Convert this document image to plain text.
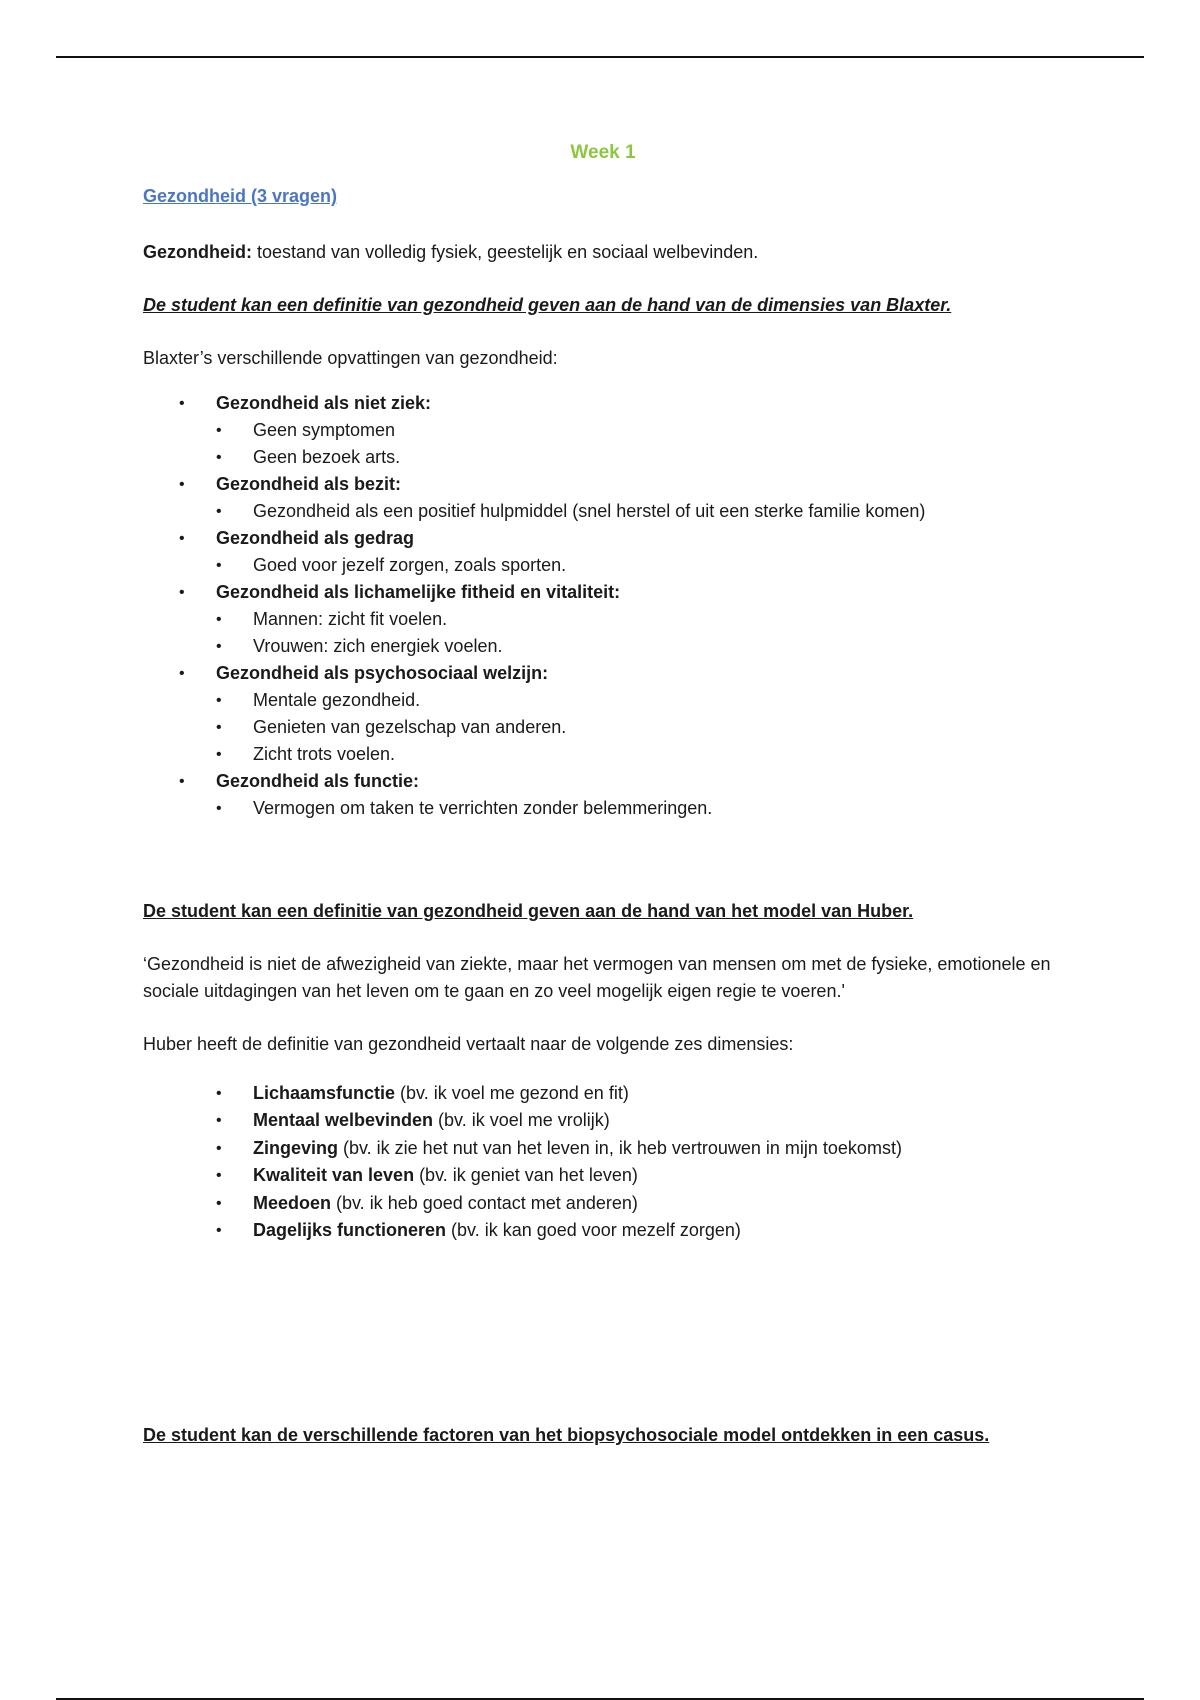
Week 1
Gezondheid (3 vragen)

Gezondheid: toestand van volledig fysiek, geestelijk en sociaal welbevinden.

De student kan een definitie van gezondheid geven aan de hand van de dimensies van Blaxter.

Blaxter’s verschillende opvattingen van gezondheid:

• Gezondheid als niet ziek:
• Geen symptomen
• Geen bezoek arts.
• Gezondheid als bezit:
• Gezondheid als een positief hulpmiddel (snel herstel of uit een sterke familie komen)
• Gezondheid als gedrag
• Goed voor jezelf zorgen, zoals sporten.
• Gezondheid als lichamelijke fitheid en vitaliteit:
• Mannen: zicht fit voelen.
• Vrouwen: zich energiek voelen.
• Gezondheid als psychosociaal welzijn:
• Mentale gezondheid.
• Genieten van gezelschap van anderen.
• Zicht trots voelen.
• Gezondheid als functie:
• Vermogen om taken te verrichten zonder belemmeringen.

De student kan een definitie van gezondheid geven aan de hand van het model van Huber.

‘Gezondheid is niet de afwezigheid van ziekte, maar het vermogen van mensen om met de fysieke, emotionele en sociale uitdagingen van het leven om te gaan en zo veel mogelijk eigen regie te voeren.'

Huber heeft de definitie van gezondheid vertaalt naar de volgende zes dimensies:

• Lichaamsfunctie (bv. ik voel me gezond en fit)
• Mentaal welbevinden (bv. ik voel me vrolijk)
• Zingeving (bv. ik zie het nut van het leven in, ik heb vertrouwen in mijn toekomst)
• Kwaliteit van leven (bv. ik geniet van het leven)
• Meedoen (bv. ik heb goed contact met anderen)
• Dagelijks functioneren (bv. ik kan goed voor mezelf zorgen)

De student kan de verschillende factoren van het biopsychosociale model ontdekken in een casus.
